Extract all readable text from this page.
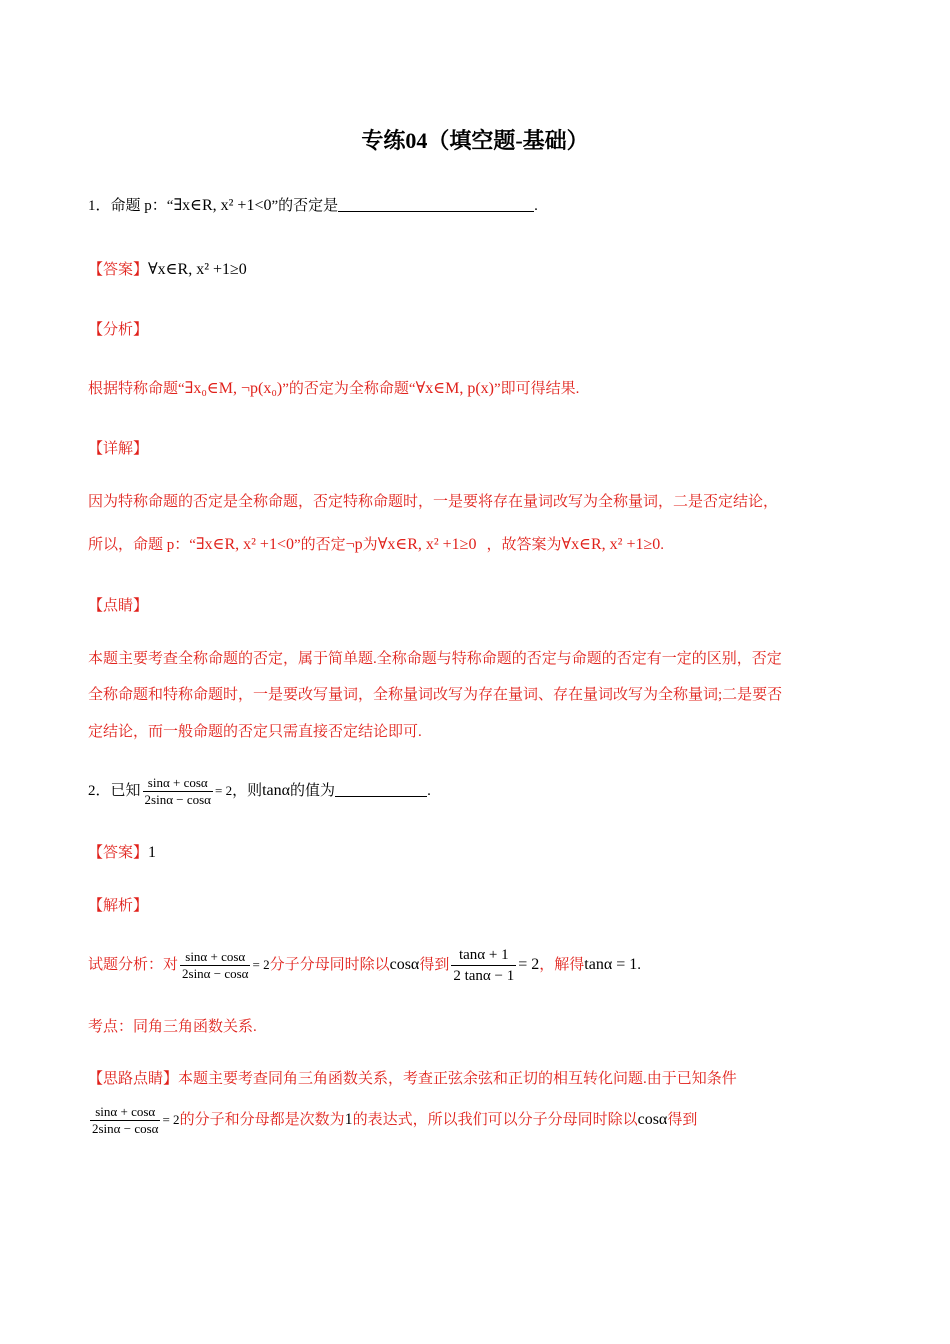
专练04（填空题-基础）
1．命题 p：“∃x∈R, x² +1<0”的否定是	.
【答案】∀x∈R, x² +1≥0
【分析】
根据特称命题“∃x₀∈M, ¬p(x₀)”的否定为全称命题“∀x∈M, p(x)”即可得结果.
【详解】
因为特称命题的否定是全称命题，否定特称命题时，一是要将存在量词改写为全称量词，二是否定结论，
所以，命题 p：“∃x∈R, x² +1<0”的否定¬p为∀x∈R, x² +1≥0 ，故答案为∀x∈R, x² +1≥0.
【点睛】
本题主要考查全称命题的否定，属于简单题.全称命题与特称命题的否定与命题的否定有一定的区别，否定
全称命题和特称命题时，一是要改写量词，全称量词改写为存在量词、存在量词改写为全称量词;二是要否
定结论，而一般命题的否定只需直接否定结论即可.
2．已知 $\frac{\sin\alpha + \cos\alpha}{2\sin\alpha - \cos\alpha} = 2$，则tanα的值为	.
【答案】1
【解析】
试题分析：对 $\frac{\sin\alpha + \cos\alpha}{2\sin\alpha - \cos\alpha} = 2$分子分母同时除以cosα得到 $\frac{\tan\alpha + 1}{2 \tan\alpha - 1} = 2$，解得tanα = 1.
考点：同角三角函数关系.
【思路点睛】本题主要考查同角三角函数关系，考查正弦余弦和正切的相互转化问题.由于已知条件
$\frac{\sin\alpha + \cos\alpha}{2\sin\alpha - \cos\alpha} = 2$的分子和分母都是次数为1的表达式，所以我们可以分子分母同时除以cosα得到
